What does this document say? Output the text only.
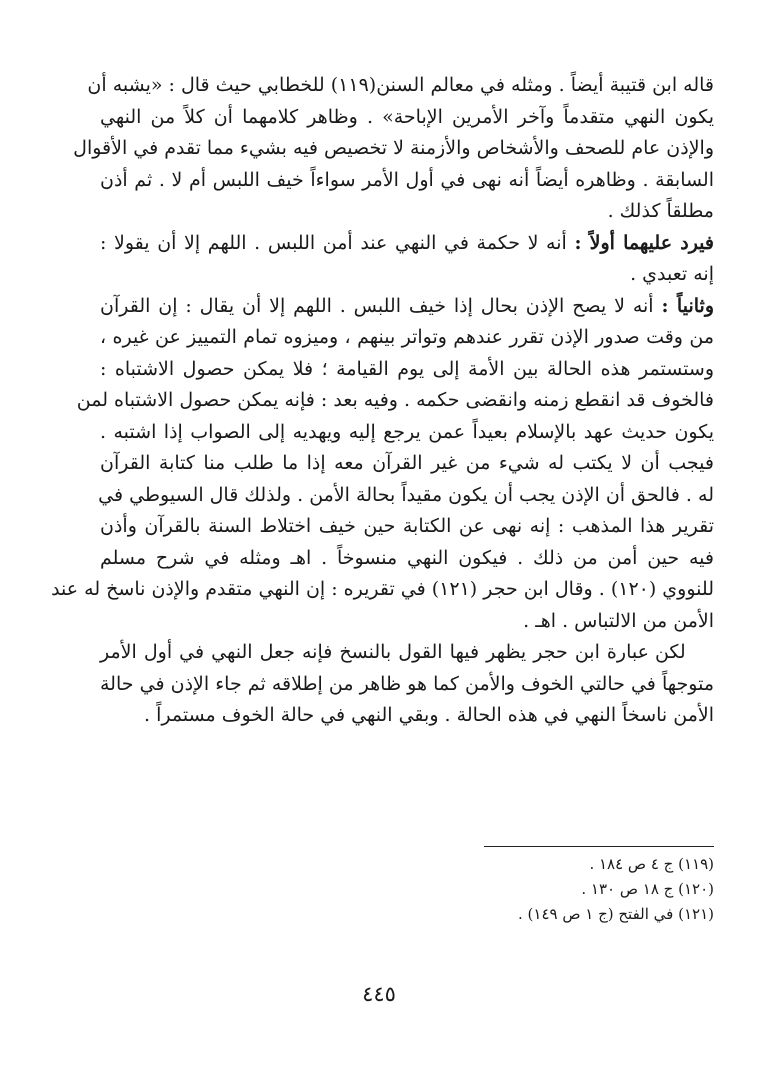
قاله ابن قتيبة أيضاً . ومثله في معالم السنن(١١٩) للخطابي حيث قال : «يشبه أن
يكون النهي متقدماً وآخر الأمرين الإباحة» . وظاهر كلامهما أن كلاً من النهي
والإذن عام للصحف والأشخاص والأزمنة لا تخصيص فيه بشيء مما تقدم في الأقوال
السابقة . وظاهره أيضاً أنه نهى في أول الأمر سواءاً خيف اللبس أم لا . ثم أذن
مطلقاً كذلك .
فيرد عليهما أولاً : أنه لا حكمة في النهي عند أمن اللبس . اللهم إلا أن يقولا :
إنه تعبدي .
وثانياً : أنه لا يصح الإذن بحال إذا خيف اللبس . اللهم إلا أن يقال : إن القرآن
من وقت صدور الإذن تقرر عندهم وتواتر بينهم ، وميزوه تمام التمييز عن غيره ،
وستستمر هذه الحالة بين الأمة إلى يوم القيامة ؛ فلا يمكن حصول الاشتباه :
فالخوف قد انقطع زمنه وانقضى حكمه . وفيه بعد : فإنه يمكن حصول الاشتباه لمن
يكون حديث عهد بالإسلام بعيداً عمن يرجع إليه ويهديه إلى الصواب إذا اشتبه .
فيجب أن لا يكتب له شيء من غير القرآن معه إذا ما طلب منا كتابة القرآن
له . فالحق أن الإذن يجب أن يكون مقيداً بحالة الأمن . ولذلك قال السيوطي في
تقرير هذا المذهب : إنه نهى عن الكتابة حين خيف اختلاط السنة بالقرآن وأذن
فيه حين أمن من ذلك . فيكون النهي منسوخاً . اهـ ومثله في شرح مسلم
للنووي (١٢٠) . وقال ابن حجر (١٢١) في تقريره : إن النهي متقدم والإذن ناسخ له عند
الأمن من الالتباس . اهـ .
لكن عبارة ابن حجر يظهر فيها القول بالنسخ فإنه جعل النهي في أول الأمر
متوجهاً في حالتي الخوف والأمن كما هو ظاهر من إطلاقه ثم جاء الإذن في حالة
الأمن ناسخاً النهي في هذه الحالة . وبقي النهي في حالة الخوف مستمراً .
(١١٩) ج ٤ ص ١٨٤ .
(١٢٠) ج ١٨ ص ١٣٠ .
(١٢١) في الفتح (ج ١ ص ١٤٩) .
٤٤٥
